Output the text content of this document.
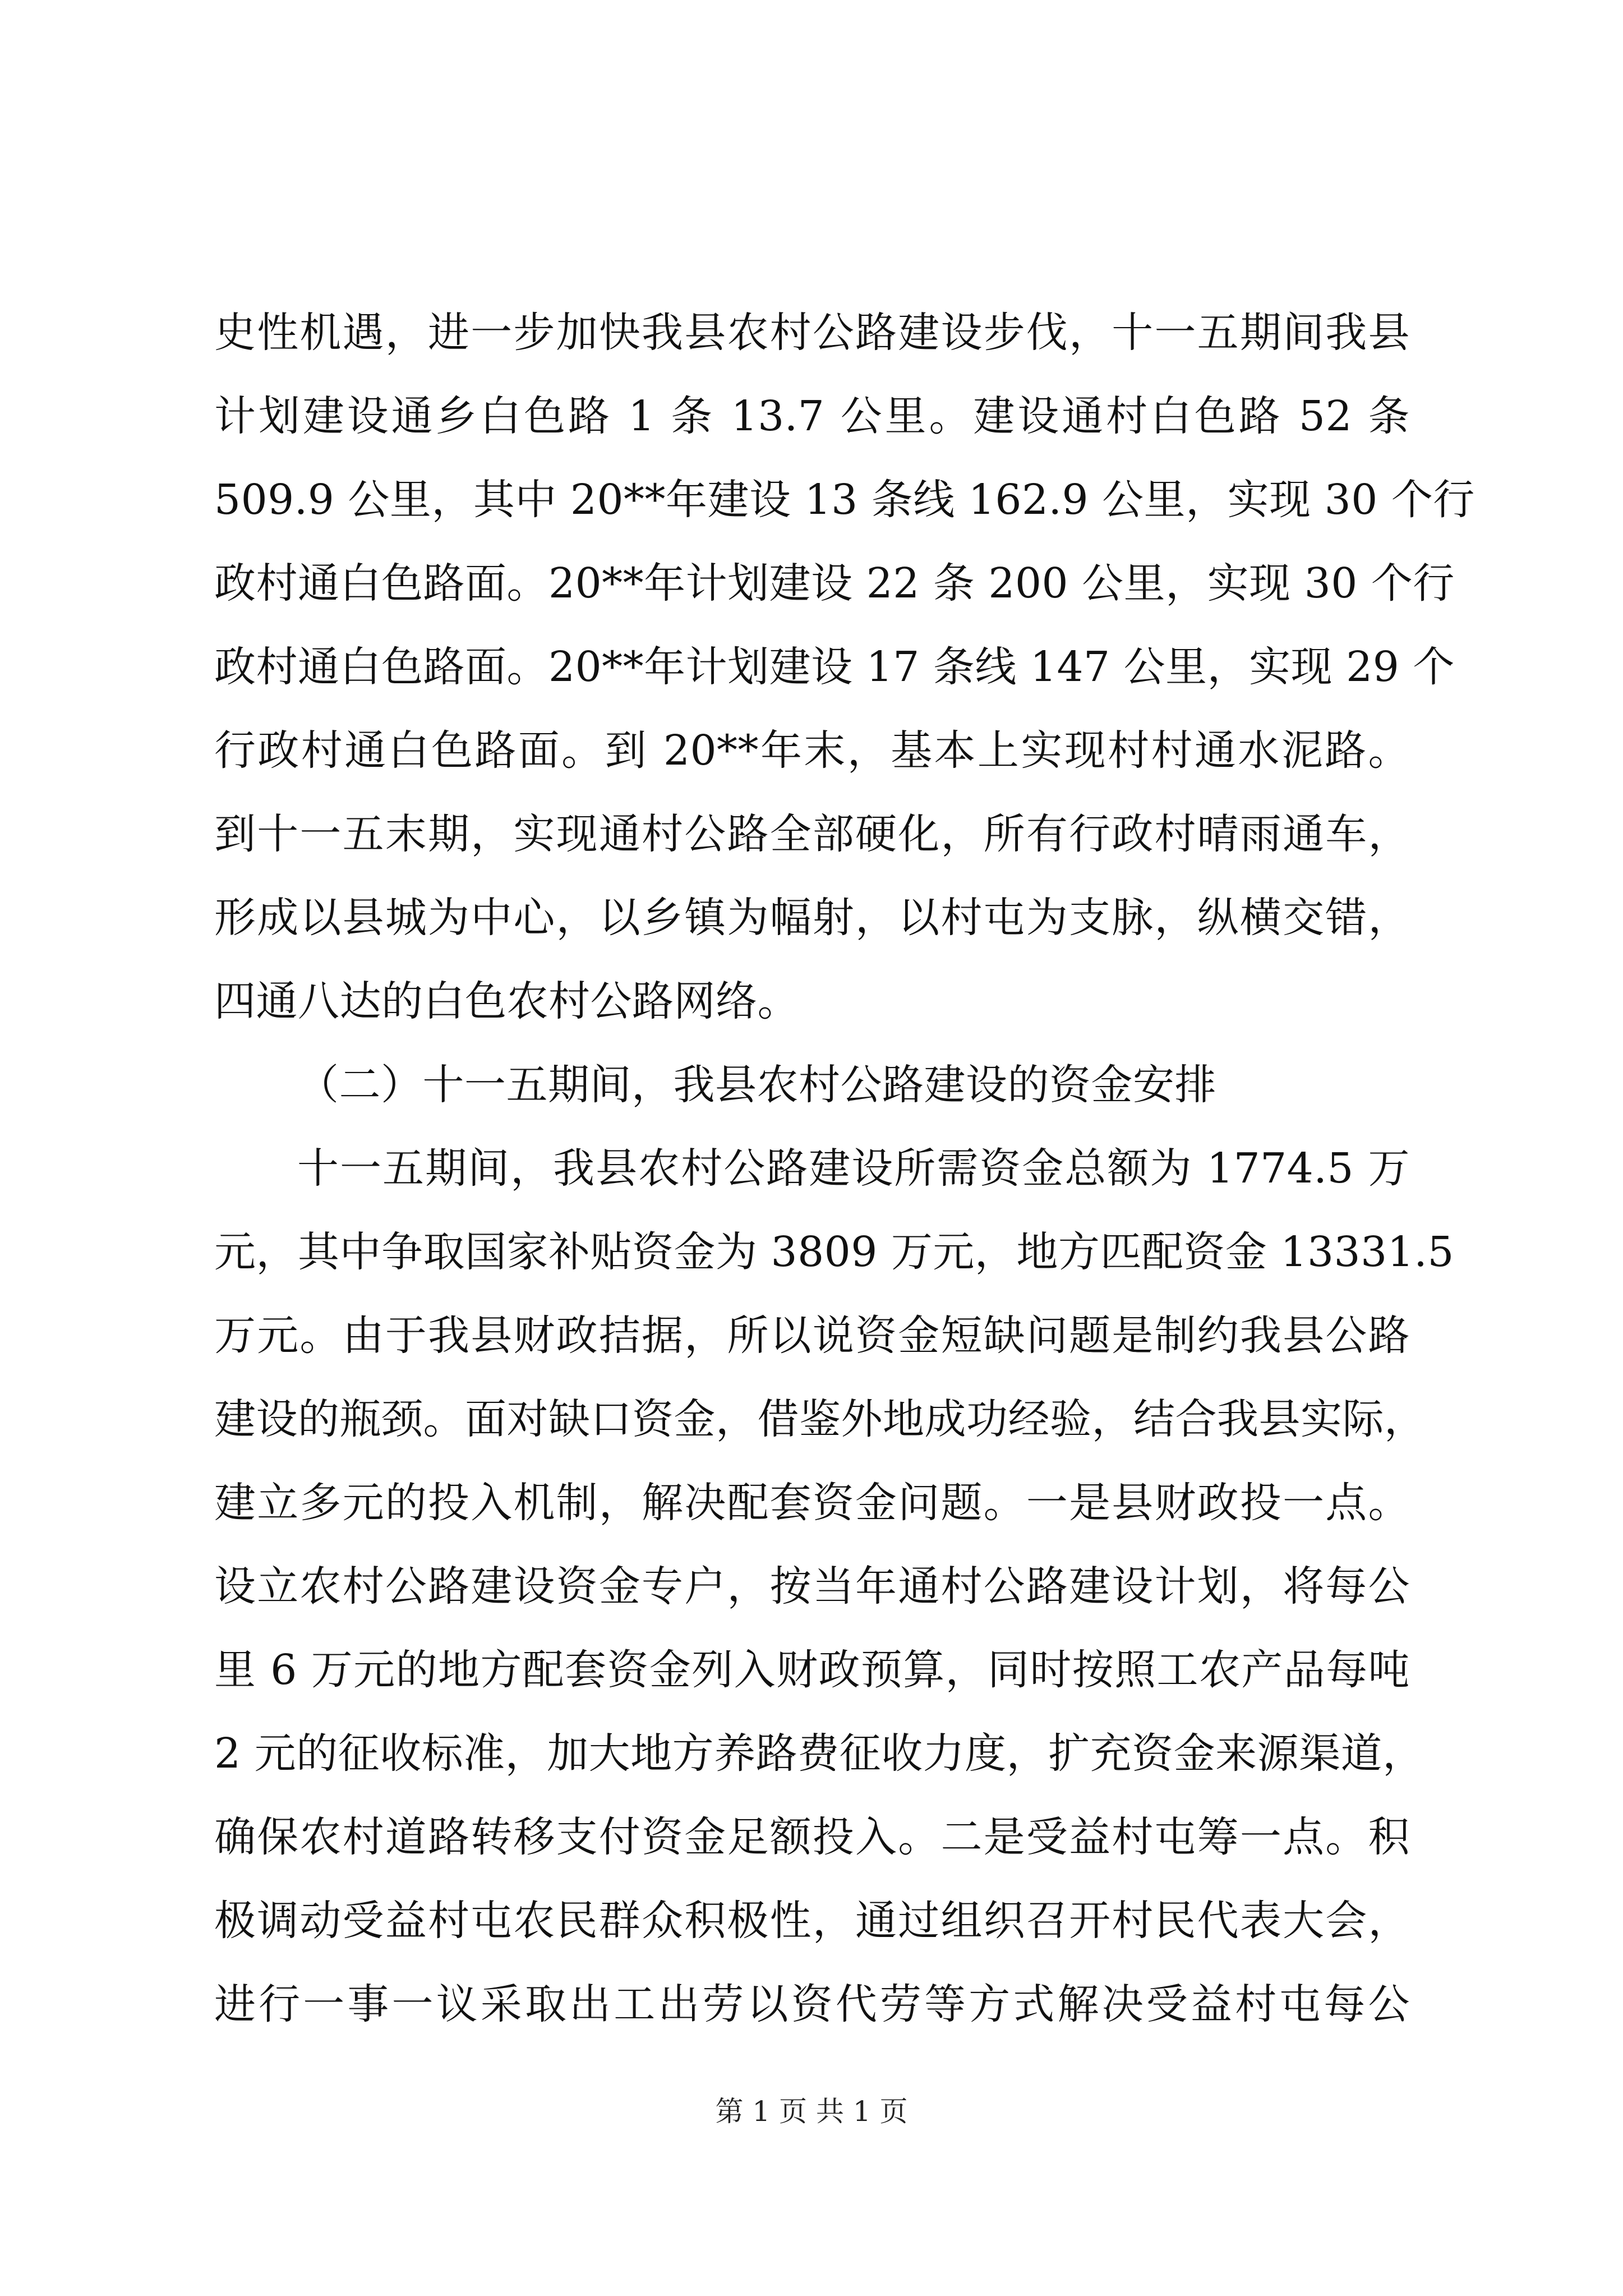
史性机遇，进一步加快我县农村公路建设步伐，十一五期间我县
计划建设通乡白色路 1 条 13.7 公里。建设通村白色路 52 条
509.9 公里，其中 20**年建设 13 条线 162.9 公里，实现 30 个行
政村通白色路面。20**年计划建设 22 条 200 公里，实现 30 个行
政村通白色路面。20**年计划建设 17 条线 147 公里，实现 29 个
行政村通白色路面。到 20**年末，基本上实现村村通水泥路。
到十一五末期，实现通村公路全部硬化，所有行政村晴雨通车，
形成以县城为中心，以乡镇为幅射，以村屯为支脉，纵横交错，
四通八达的白色农村公路网络。
（二）十一五期间，我县农村公路建设的资金安排
十一五期间，我县农村公路建设所需资金总额为 1774.5 万
元，其中争取国家补贴资金为 3809 万元，地方匹配资金 13331.5
万元。由于我县财政拮据，所以说资金短缺问题是制约我县公路
建设的瓶颈。面对缺口资金，借鉴外地成功经验，结合我县实际，
建立多元的投入机制，解决配套资金问题。一是县财政投一点。
设立农村公路建设资金专户，按当年通村公路建设计划，将每公
里 6 万元的地方配套资金列入财政预算，同时按照工农产品每吨
2 元的征收标准，加大地方养路费征收力度，扩充资金来源渠道，
确保农村道路转移支付资金足额投入。二是受益村屯筹一点。积
极调动受益村屯农民群众积极性，通过组织召开村民代表大会，
进行一事一议采取出工出劳以资代劳等方式解决受益村屯每公
第 1 页 共 1 页
